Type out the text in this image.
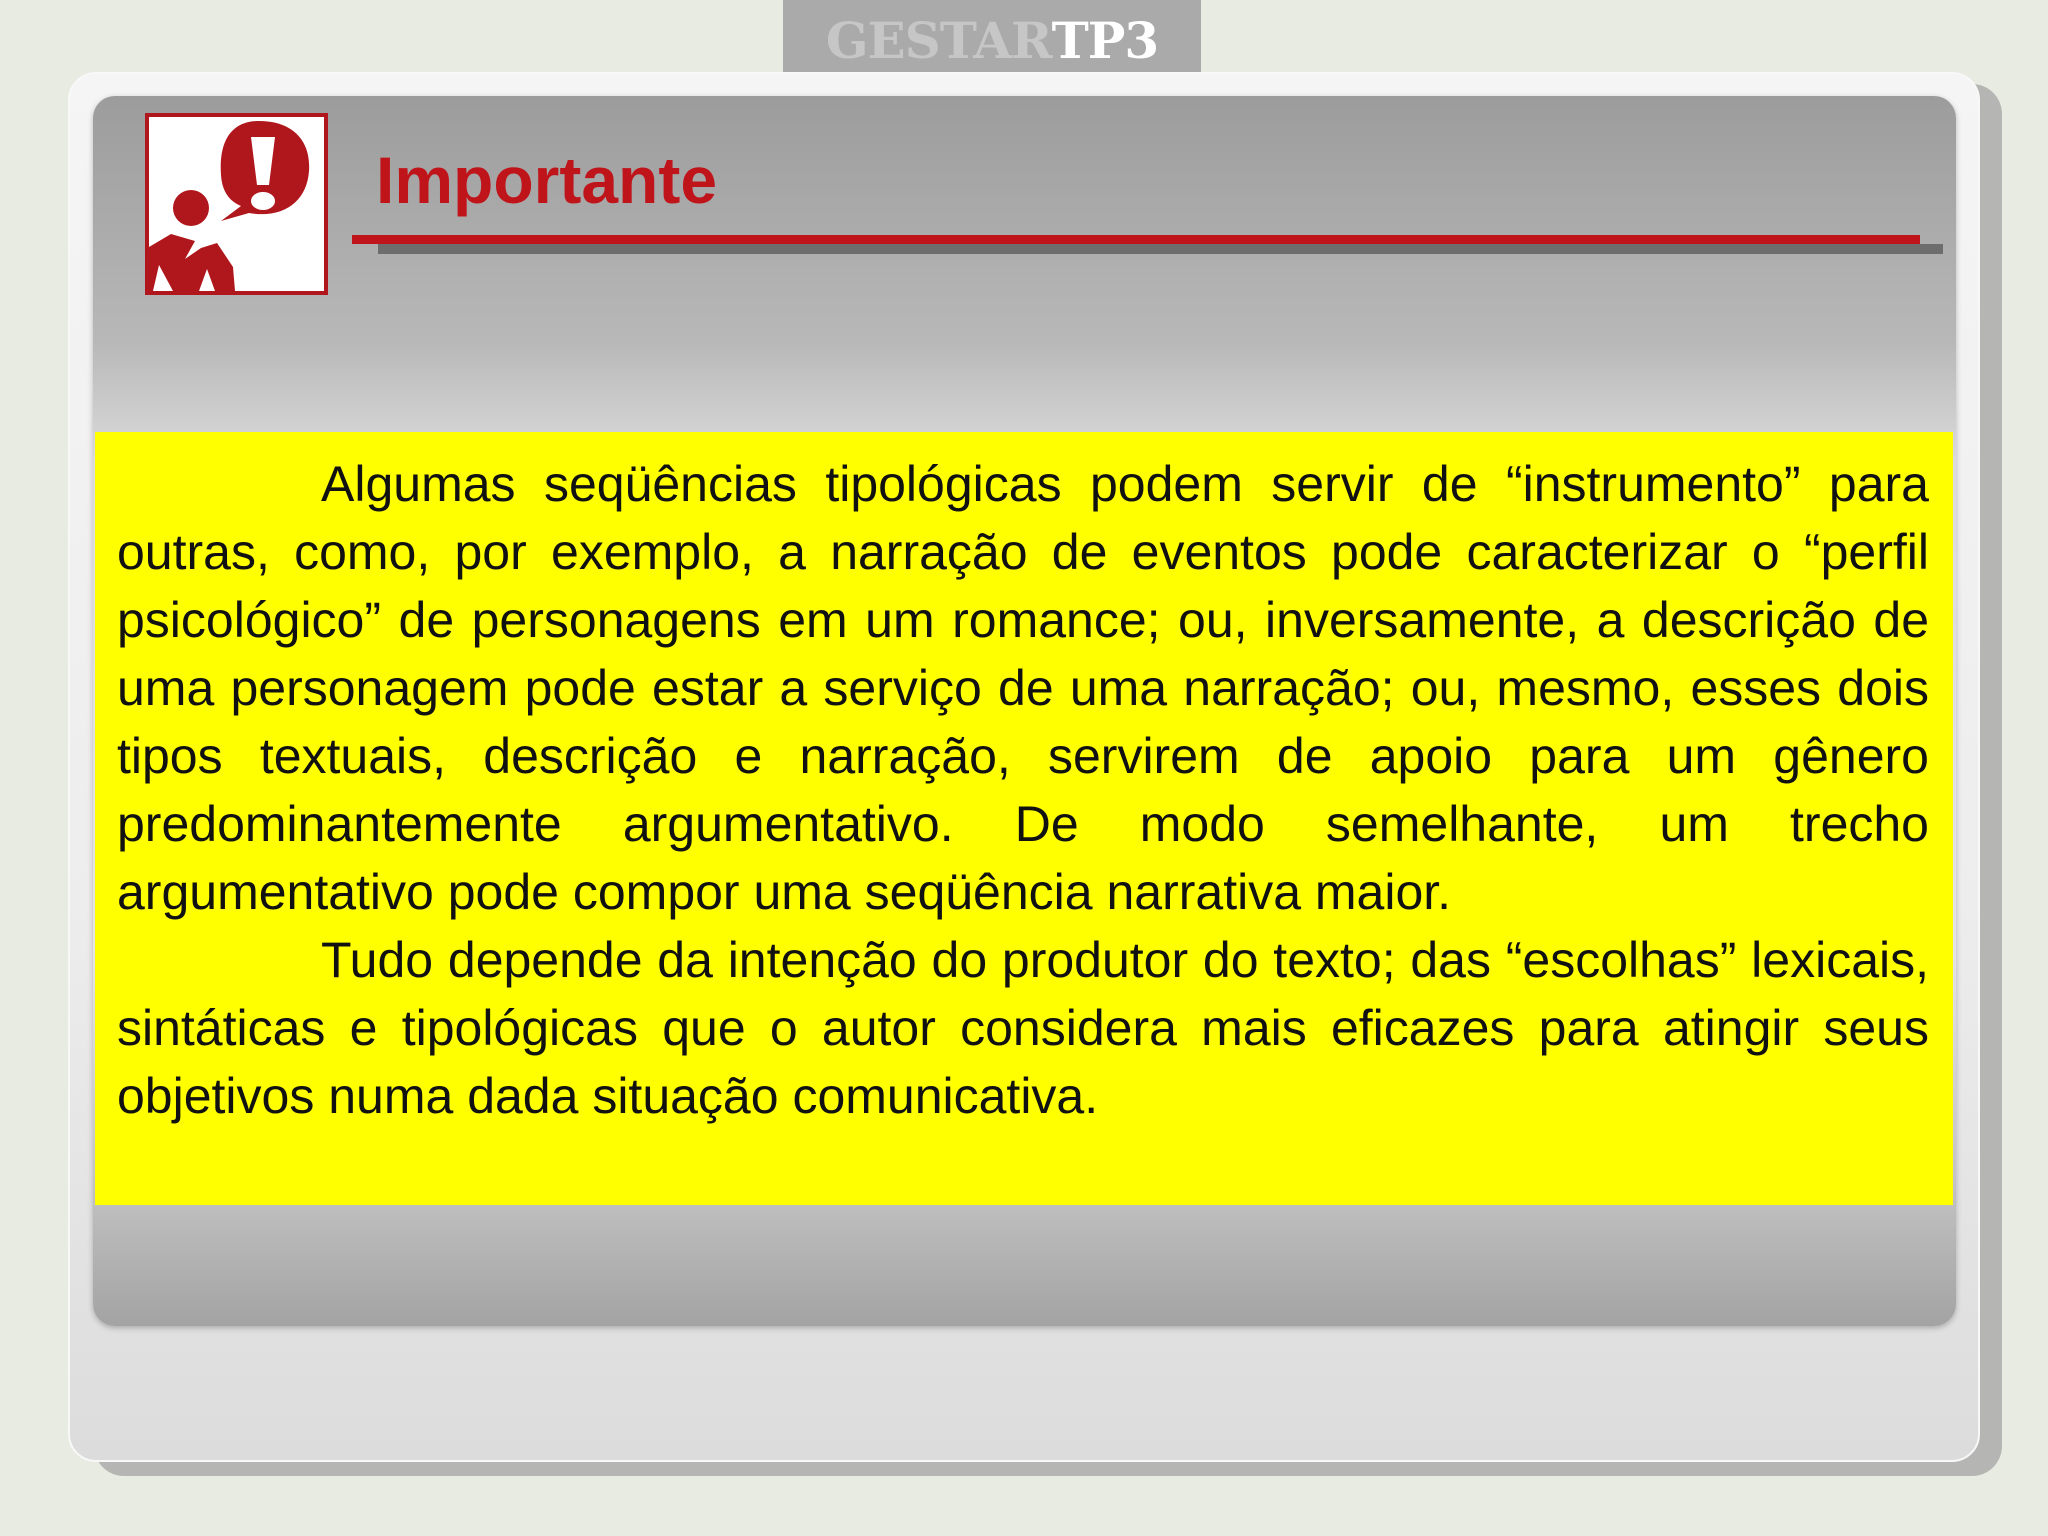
GESTAR TP3
Importante

Algumas seqüências tipológicas podem servir de “instrumento” para outras, como, por exemplo, a narração de eventos pode caracterizar o “perfil psicológico” de personagens em um romance; ou, inversamente, a descrição de uma personagem pode estar a serviço de uma narração; ou, mesmo, esses dois tipos textuais, descrição e narração, servirem de apoio para um gênero predominantemente argumentativo. De modo semelhante, um trecho argumentativo pode compor uma seqüência narrativa maior.

Tudo depende da intenção do produtor do texto; das “escolhas” lexicais, sintáticas e tipológicas que o autor considera mais eficazes para atingir seus objetivos numa dada situação comunicativa.
